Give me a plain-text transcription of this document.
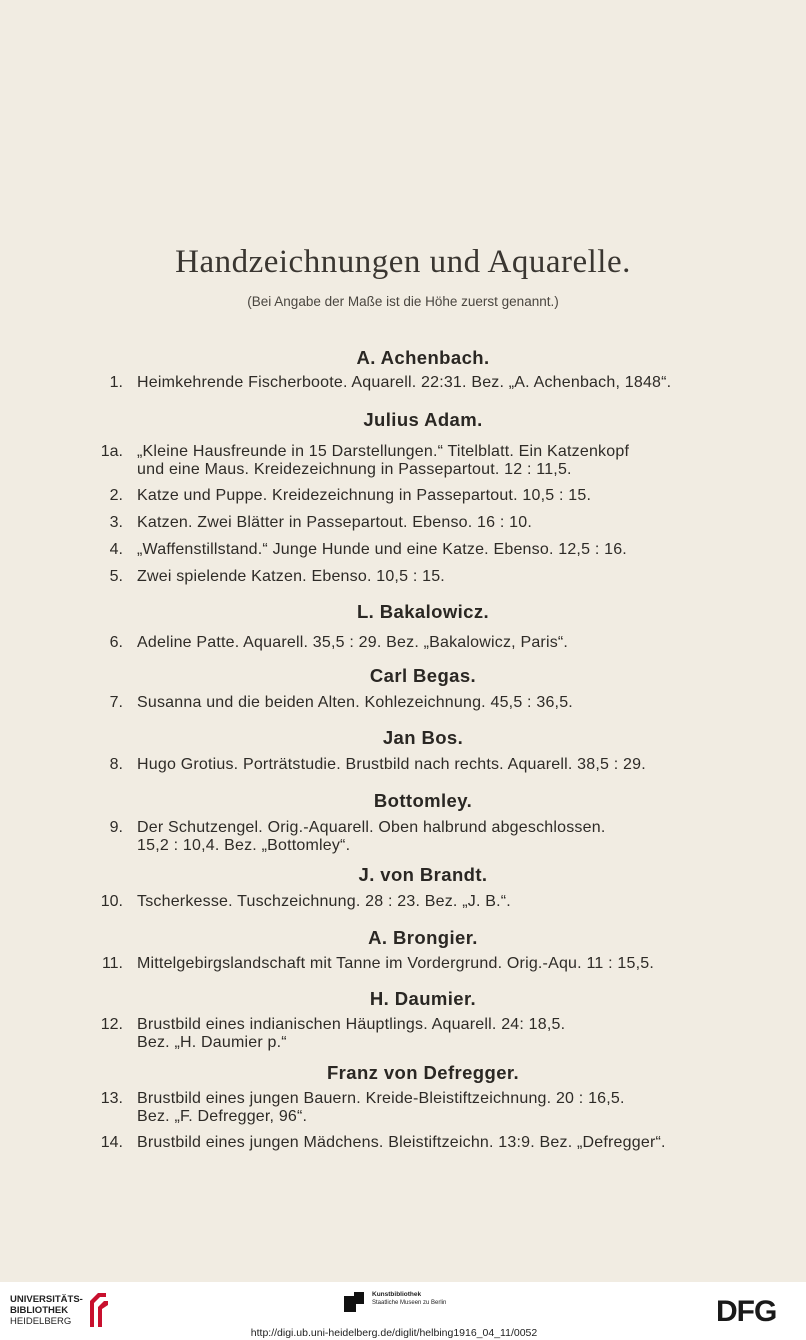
Handzeichnungen und Aquarelle.
(Bei Angabe der Maße ist die Höhe zuerst genannt.)
A. Achenbach.
1. Heimkehrende Fischerboote. Aquarell. 22:31. Bez. „A. Achenbach, 1848“.
Julius Adam.
1a. „Kleine Hausfreunde in 15 Darstellungen.“ Titelblatt. Ein Katzenkopf
und eine Maus. Kreidezeichnung in Passepartout. 12 : 11,5.
2. Katze und Puppe. Kreidezeichnung in Passepartout. 10,5 : 15.
3. Katzen. Zwei Blätter in Passepartout. Ebenso. 16 : 10.
4. „Waffenstillstand.“ Junge Hunde und eine Katze. Ebenso. 12,5 : 16.
5. Zwei spielende Katzen. Ebenso. 10,5 : 15.
L. Bakalowicz.
6. Adeline Patte. Aquarell. 35,5 : 29. Bez. „Bakalowicz, Paris“.
Carl Begas.
7. Susanna und die beiden Alten. Kohlezeichnung. 45,5 : 36,5.
Jan Bos.
8. Hugo Grotius. Porträtstudie. Brustbild nach rechts. Aquarell. 38,5 : 29.
Bottomley.
9. Der Schutzengel. Orig.-Aquarell. Oben halbrund abgeschlossen.
15,2 : 10,4. Bez. „Bottomley“.
J. von Brandt.
10. Tscherkesse. Tuschzeichnung. 28 : 23. Bez. „J. B.“.
A. Brongier.
11. Mittelgebirgslandschaft mit Tanne im Vordergrund. Orig.-Aqu. 11 : 15,5.
H. Daumier.
12. Brustbild eines indianischen Häuptlings. Aquarell. 24: 18,5.
Bez. „H. Daumier p.“
Franz von Defregger.
13. Brustbild eines jungen Bauern. Kreide-Bleistiftzeichnung. 20 : 16,5.
Bez. „F. Defregger, 96“.
14. Brustbild eines jungen Mädchens. Bleistiftzeichn. 13:9. Bez. „Defregger“.
UNIVERSITÄTS-
BIBLIOTHEK
HEIDELBERG
Kunstbibliothek
Staatliche Museen zu Berlin	DFG
http://digi.ub.uni-heidelberg.de/diglit/helbing1916_04_11/0052
